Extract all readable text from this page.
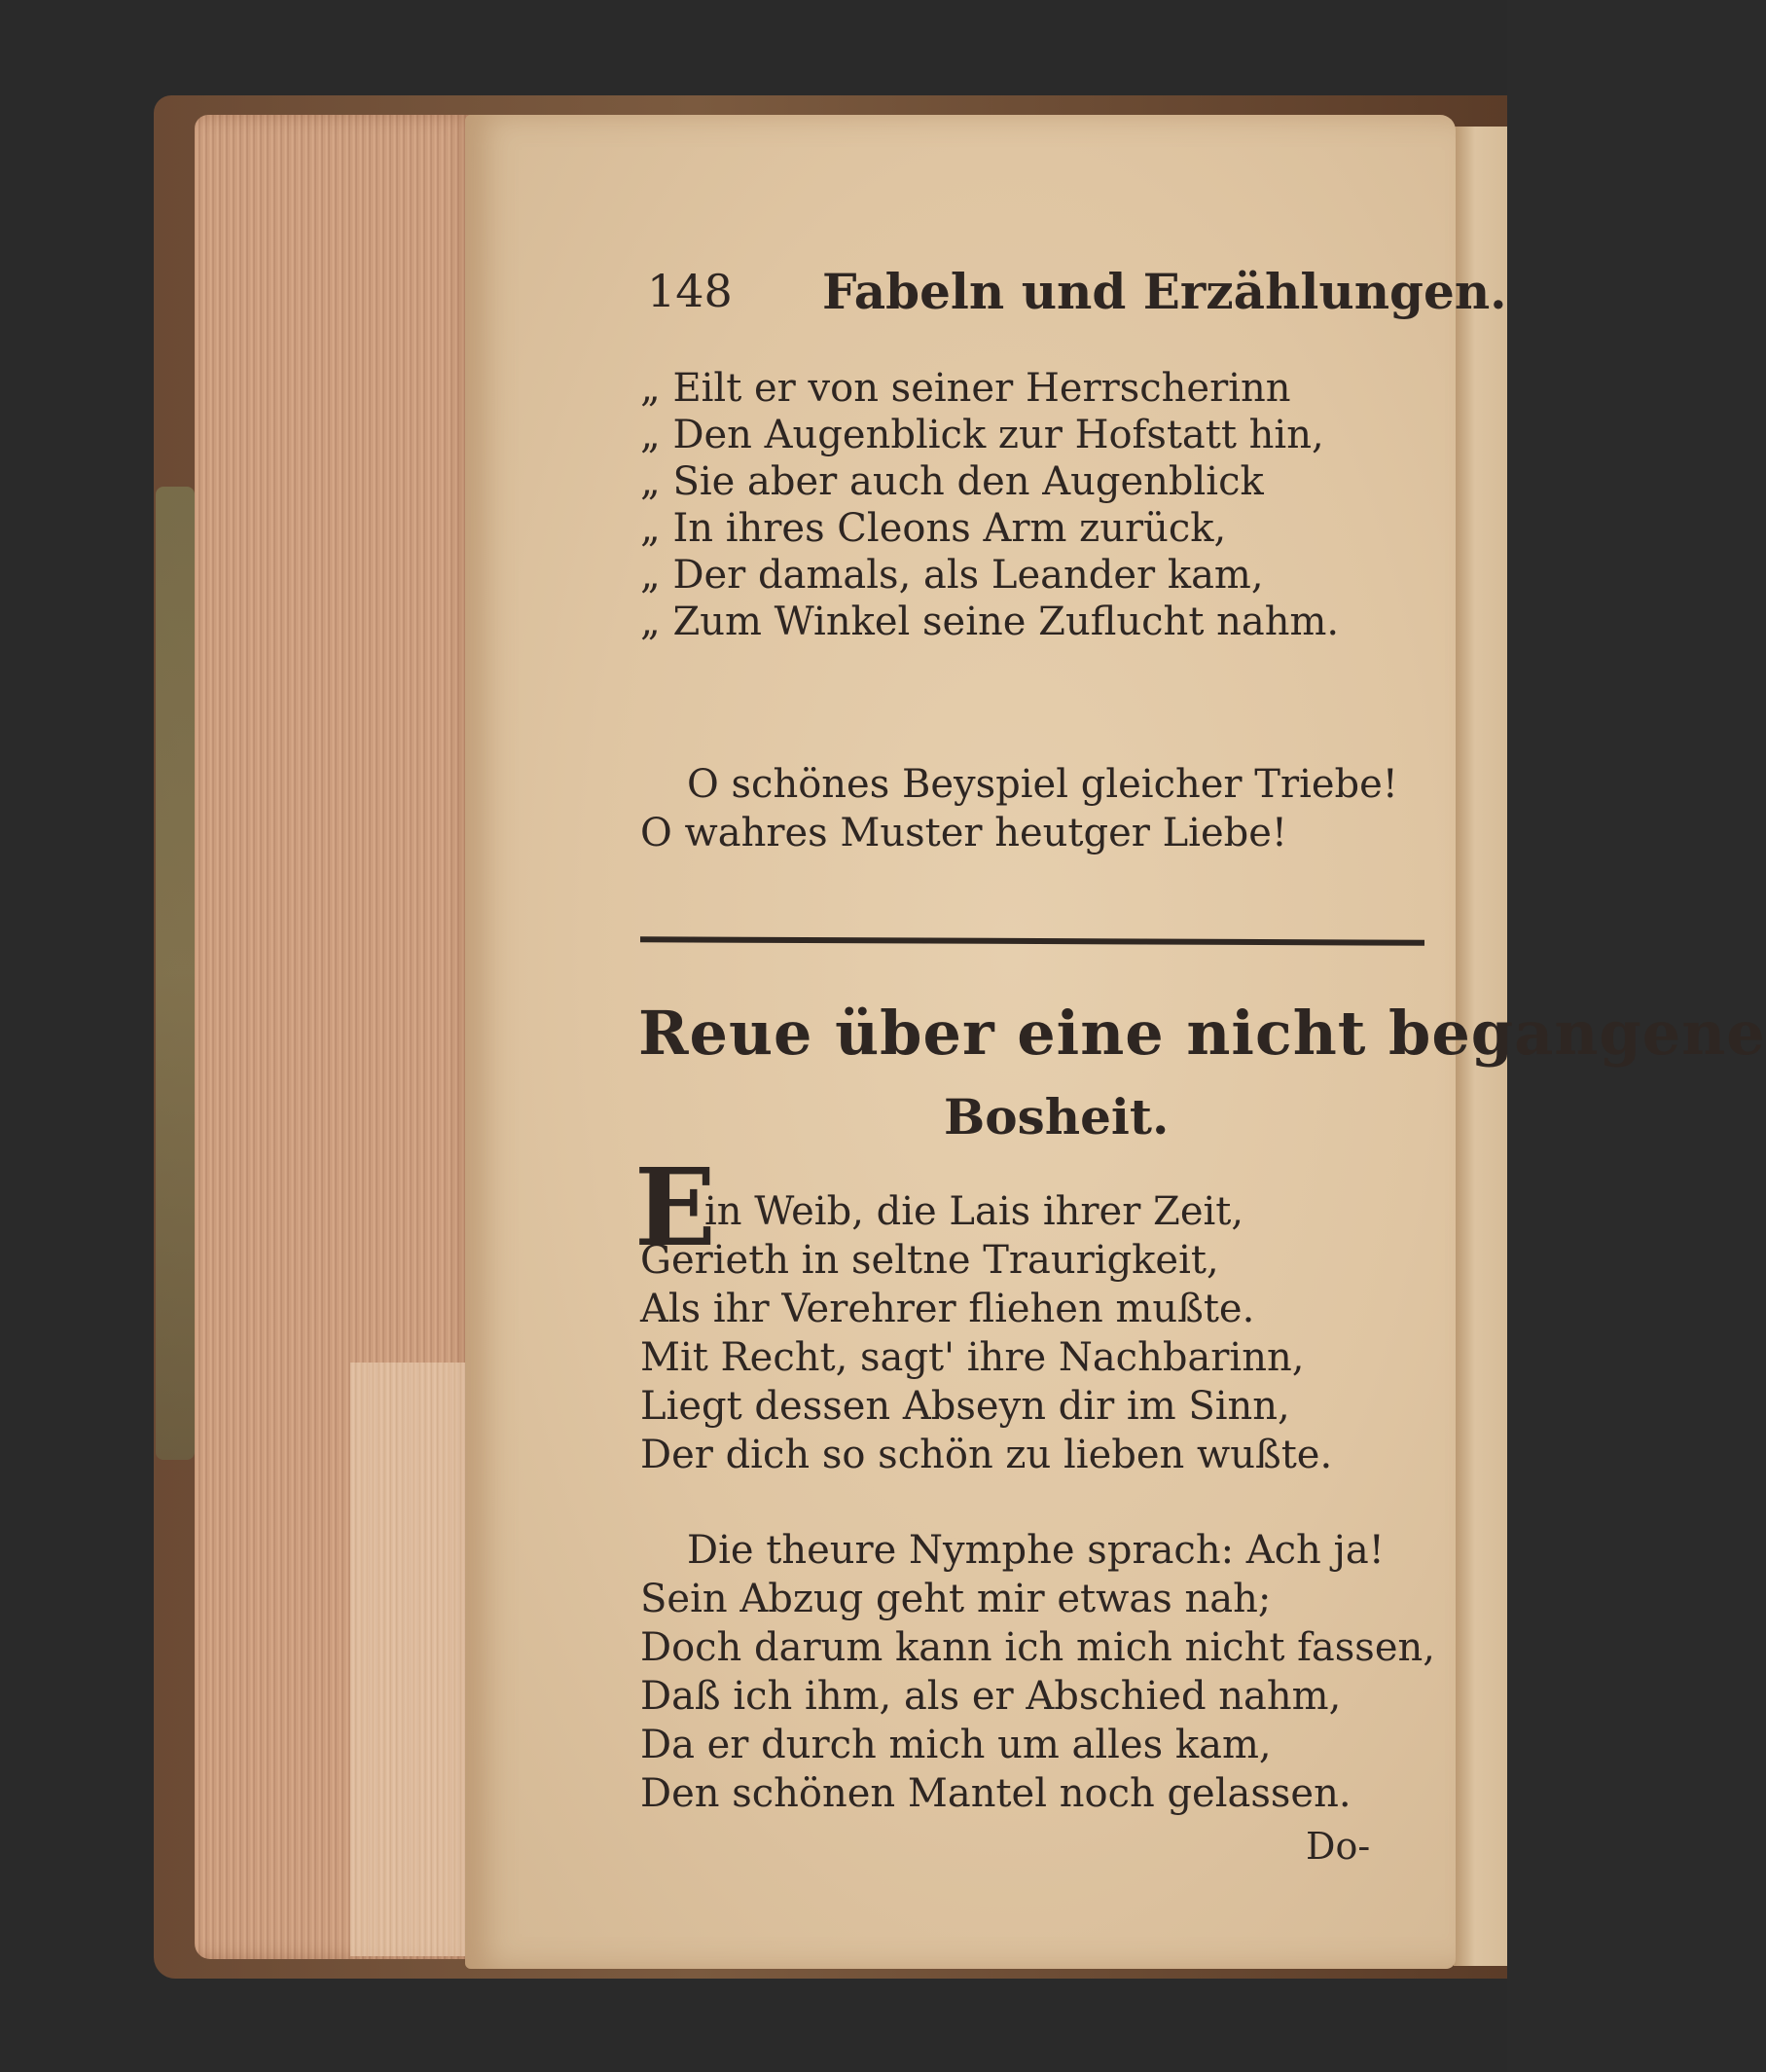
148 Fabeln und Erzählungen.
„ Eilt er von seiner Herrscherinn
„ Den Augenblick zur Hofstatt hin,
„ Sie aber auch den Augenblick
„ In ihres Cleons Arm zurück,
„ Der damals, als Leander kam,
„ Zum Winkel seine Zuflucht nahm.
O schönes Beyspiel gleicher Triebe!
O wahres Muster heutger Liebe!
Reue über eine nicht begangene
Bosheit.
E
in Weib, die Lais ihrer Zeit,
Gerieth in seltne Traurigkeit,
Als ihr Verehrer fliehen mußte.
Mit Recht, sagt' ihre Nachbarinn,
Liegt dessen Abseyn dir im Sinn,
Der dich so schön zu lieben wußte.
Die theure Nymphe sprach: Ach ja!
Sein Abzug geht mir etwas nah;
Doch darum kann ich mich nicht fassen,
Daß ich ihm, als er Abschied nahm,
Da er durch mich um alles kam,
Den schönen Mantel noch gelassen.
Do-
